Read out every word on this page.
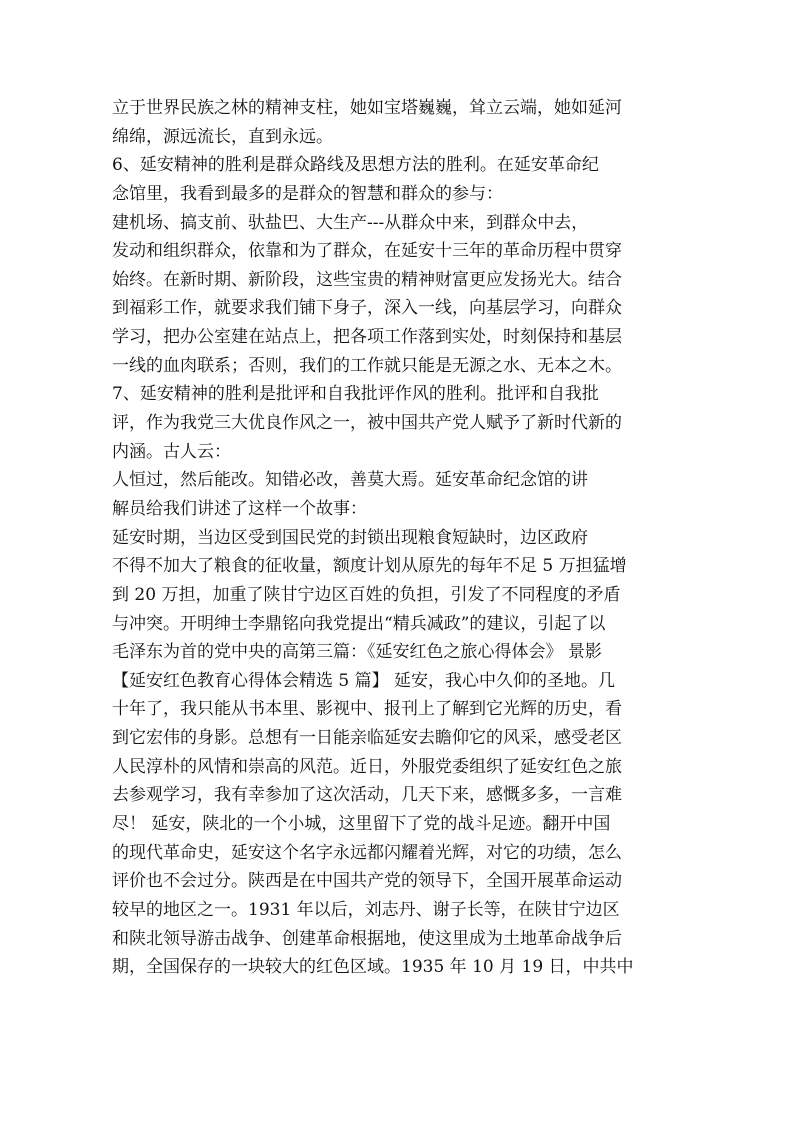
立于世界民族之林的精神支柱，她如宝塔巍巍，耸立云端，她如延河
绵绵，源远流长，直到永远。
6、延安精神的胜利是群众路线及思想方法的胜利。在延安革命纪
念馆里，我看到最多的是群众的智慧和群众的参与：
建机场、搞支前、驮盐巴、大生产---从群众中来，到群众中去，
发动和组织群众，依靠和为了群众，在延安十三年的革命历程中贯穿
始终。在新时期、新阶段，这些宝贵的精神财富更应发扬光大。结合
到福彩工作，就要求我们铺下身子，深入一线，向基层学习，向群众
学习，把办公室建在站点上，把各项工作落到实处，时刻保持和基层
一线的血肉联系；否则，我们的工作就只能是无源之水、无本之木。
7、延安精神的胜利是批评和自我批评作风的胜利。批评和自我批
评，作为我党三大优良作风之一，被中国共产党人赋予了新时代新的
内涵。古人云：
人恒过，然后能改。知错必改，善莫大焉。延安革命纪念馆的讲
解员给我们讲述了这样一个故事：
延安时期，当边区受到国民党的封锁出现粮食短缺时，边区政府
不得不加大了粮食的征收量，额度计划从原先的每年不足 5 万担猛增
到 20 万担，加重了陕甘宁边区百姓的负担，引发了不同程度的矛盾
与冲突。开明绅士李鼎铭向我党提出“精兵减政”的建议，引起了以
毛泽东为首的党中央的高第三篇：《延安红色之旅心得体会》 景影
【延安红色教育心得体会精选 5 篇】 延安，我心中久仰的圣地。几
十年了，我只能从书本里、影视中、报刊上了解到它光辉的历史，看
到它宏伟的身影。总想有一日能亲临延安去瞻仰它的风采，感受老区
人民淳朴的风情和崇高的风范。近日，外服党委组织了延安红色之旅
去参观学习，我有幸参加了这次活动，几天下来，感慨多多，一言难
尽！ 延安，陕北的一个小城，这里留下了党的战斗足迹。翻开中国
的现代革命史，延安这个名字永远都闪耀着光辉，对它的功绩，怎么
评价也不会过分。陕西是在中国共产党的领导下，全国开展革命运动
较早的地区之一。1931 年以后，刘志丹、谢子长等，在陕甘宁边区
和陕北领导游击战争、创建革命根据地，使这里成为土地革命战争后
期，全国保存的一块较大的红色区域。1935 年 10 月 19 日，中共中
